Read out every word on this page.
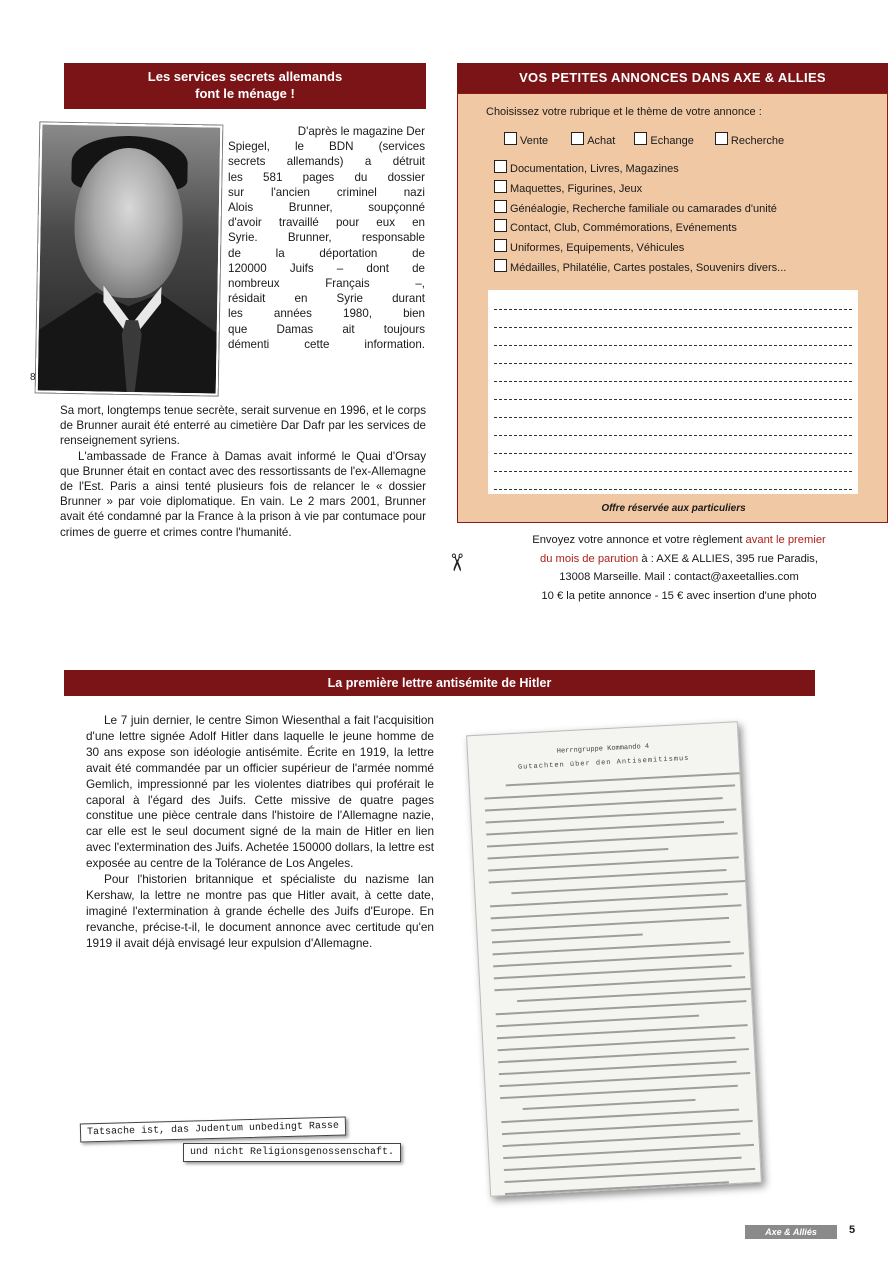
Les services secrets allemands
font le ménage !
8
D'après le magazine Der
Spiegel, le BDN (services
secrets allemands) a détruit
les 581 pages du dossier
sur l'ancien criminel nazi
Alois Brunner, soupçonné
d'avoir travaillé pour eux en
Syrie. Brunner, responsable
de la déportation de
120000 Juifs – dont de
nombreux Français –,
résidait en Syrie durant
les années 1980, bien
que Damas ait toujours
démenti cette information.

Sa mort, longtemps tenue secrète, serait survenue en 1996, et le corps de Brunner aurait été enterré au cimetière Dar Dafr par les services de renseignement syriens.

L'ambassade de France à Damas avait informé le Quai d'Orsay que Brunner était en contact avec des ressortissants de l'ex-Allemagne de l'Est. Paris a ainsi tenté plusieurs fois de relancer le « dossier Brunner » par voie diplomatique. En vain. Le 2 mars 2001, Brunner avait été condamné par la France à la prison à vie par contumace pour crimes de guerre et crimes contre l'humanité.

VOS PETITES ANNONCES DANS AXE & ALLIES
Choisissez votre rubrique et le thème de votre annonce :
Vente	Achat	Echange	Recherche
Documentation, Livres, Magazines
Maquettes, Figurines, Jeux
Généalogie, Recherche familiale ou camarades d'unité
Contact, Club, Commémorations, Evénements
Uniformes, Equipements, Véhicules
Médailles, Philatélie, Cartes postales, Souvenirs divers...
Offre réservée aux particuliers
✂
Envoyez votre annonce et votre règlement avant le premier
du mois de parution à : AXE & ALLIES, 395 rue Paradis,
13008 Marseille. Mail : contact@axeetallies.com
10 € la petite annonce - 15 € avec insertion d'une photo
La première lettre antisémite de Hitler

Le 7 juin dernier, le centre Simon Wiesenthal a fait l'acquisition d'une lettre signée Adolf Hitler dans laquelle le jeune homme de 30 ans expose son idéologie antisémite. Écrite en 1919, la lettre avait été commandée par un officier supérieur de l'armée nommé Gemlich, impressionné par les violentes diatribes qui proférait le caporal à l'égard des Juifs. Cette missive de quatre pages constitue une pièce centrale dans l'histoire de l'Allemagne nazie, car elle est le seul document signé de la main de Hitler en lien avec l'extermination des Juifs. Achetée 150000 dollars, la lettre est exposée au centre de la Tolérance de Los Angeles.

Pour l'historien britannique et spécialiste du nazisme Ian Kershaw, la lettre ne montre pas que Hitler avait, à cette date, imaginé l'extermination à grande échelle des Juifs d'Europe. En revanche, précise-t-il, le document annonce avec certitude qu'en 1919 il avait déjà envisagé leur expulsion d'Allemagne.

Herrngruppe Kommando 4
Gutachten über den Antisemitismus
Tatsache ist, das Judentum unbedingt Rasse
und nicht Religionsgenossenschaft.
Axe & Alliés	5
